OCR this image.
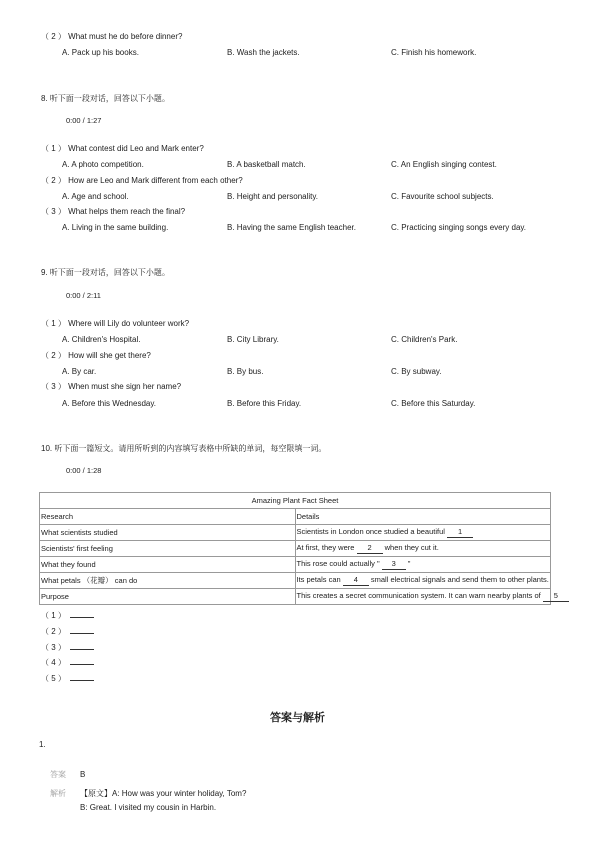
（ 2 ） What must he do before dinner?
A. Pack up his books.	B. Wash the jackets.	C. Finish his homework.
8. 听下面一段对话，回答以下小题。
0:00 / 1:27
（ 1 ） What contest did Leo and Mark enter?
A. A photo competition.	B. A basketball match.	C. An English singing contest.
（ 2 ） How are Leo and Mark different from each other?
A. Age and school.	B. Height and personality.	C. Favourite school subjects.
（ 3 ） What helps them reach the final?
A. Living in the same building.	B. Having the same English teacher.	C. Practicing singing songs every day.
9. 听下面一段对话，回答以下小题。
0:00 / 2:11
（ 1 ） Where will Lily do volunteer work?
A. Children's Hospital.	B. City Library.	C. Children's Park.
（ 2 ） How will she get there?
A. By car.	B. By bus.	C. By subway.
（ 3 ） When must she sign her name?
A. Before this Wednesday.	B. Before this Friday.	C. Before this Saturday.
10. 听下面一篇短文。请用所听到的内容填写表格中所缺的单词，每空限填一词。
0:00 / 1:28
Amazing Plant Fact Sheet	
Research	Details
What scientists studied	Scientists in London once studied a beautiful 1
Scientists' first feeling	At first, they were 2 when they cut it.
What they found	This rose could actually " 3 "
What petals （花瓣） can do	Its petals can 4 small electrical signals and send them to other plants.
Purpose	This creates a secret communication system. It can warn nearby plants of 5
（ 1 ）
（ 2 ）
（ 3 ）
（ 4 ）
（ 5 ）
答案与解析
1.
答案 B
解析 【原文】A: How was your winter holiday, Tom?
B: Great. I visited my cousin in Harbin.
